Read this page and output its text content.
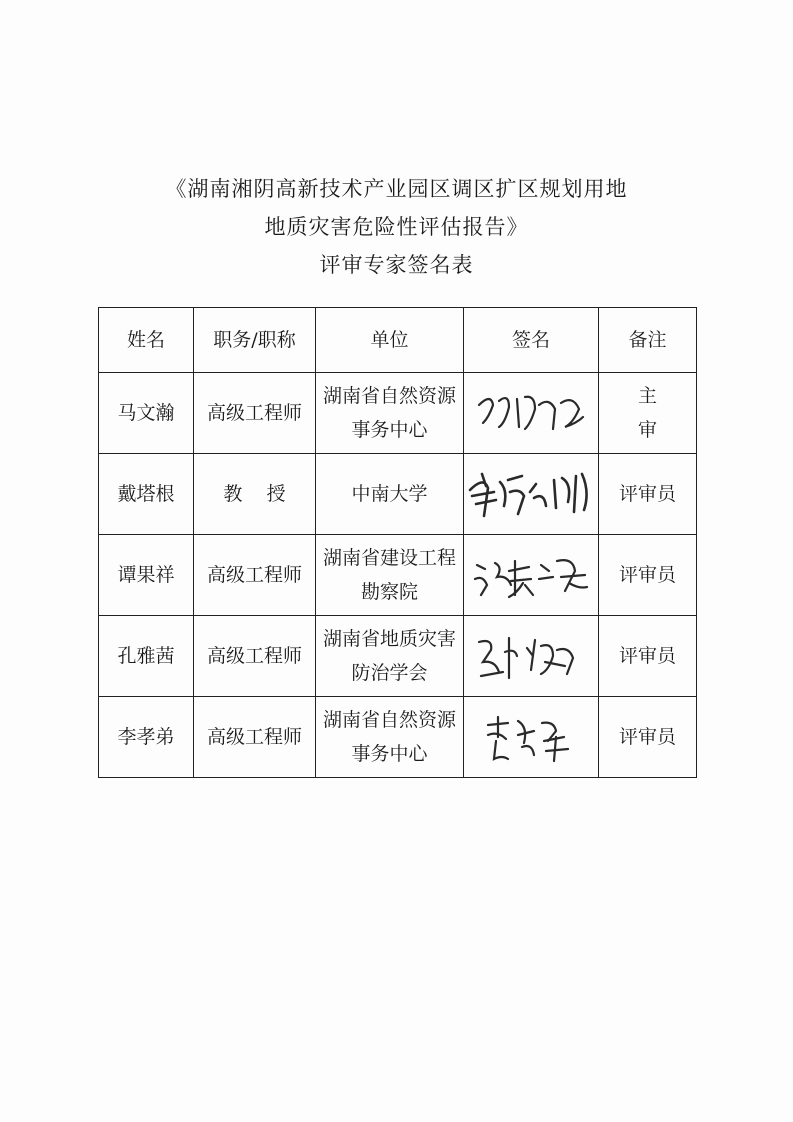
《湖南湘阴高新技术产业园区调区扩区规划用地
地质灾害危险性评估报告》
评审专家签名表
姓名	职务/职称	单位	签名	备注
马文瀚	高级工程师	湖南省自然资源事务中心		主 审
戴塔根	教    授	中南大学		评审员
谭果祥	高级工程师	湖南省建设工程勘察院		评审员
孔雅茜	高级工程师	湖南省地质灾害防治学会		评审员
李孝弟	高级工程师	湖南省自然资源事务中心		评审员
